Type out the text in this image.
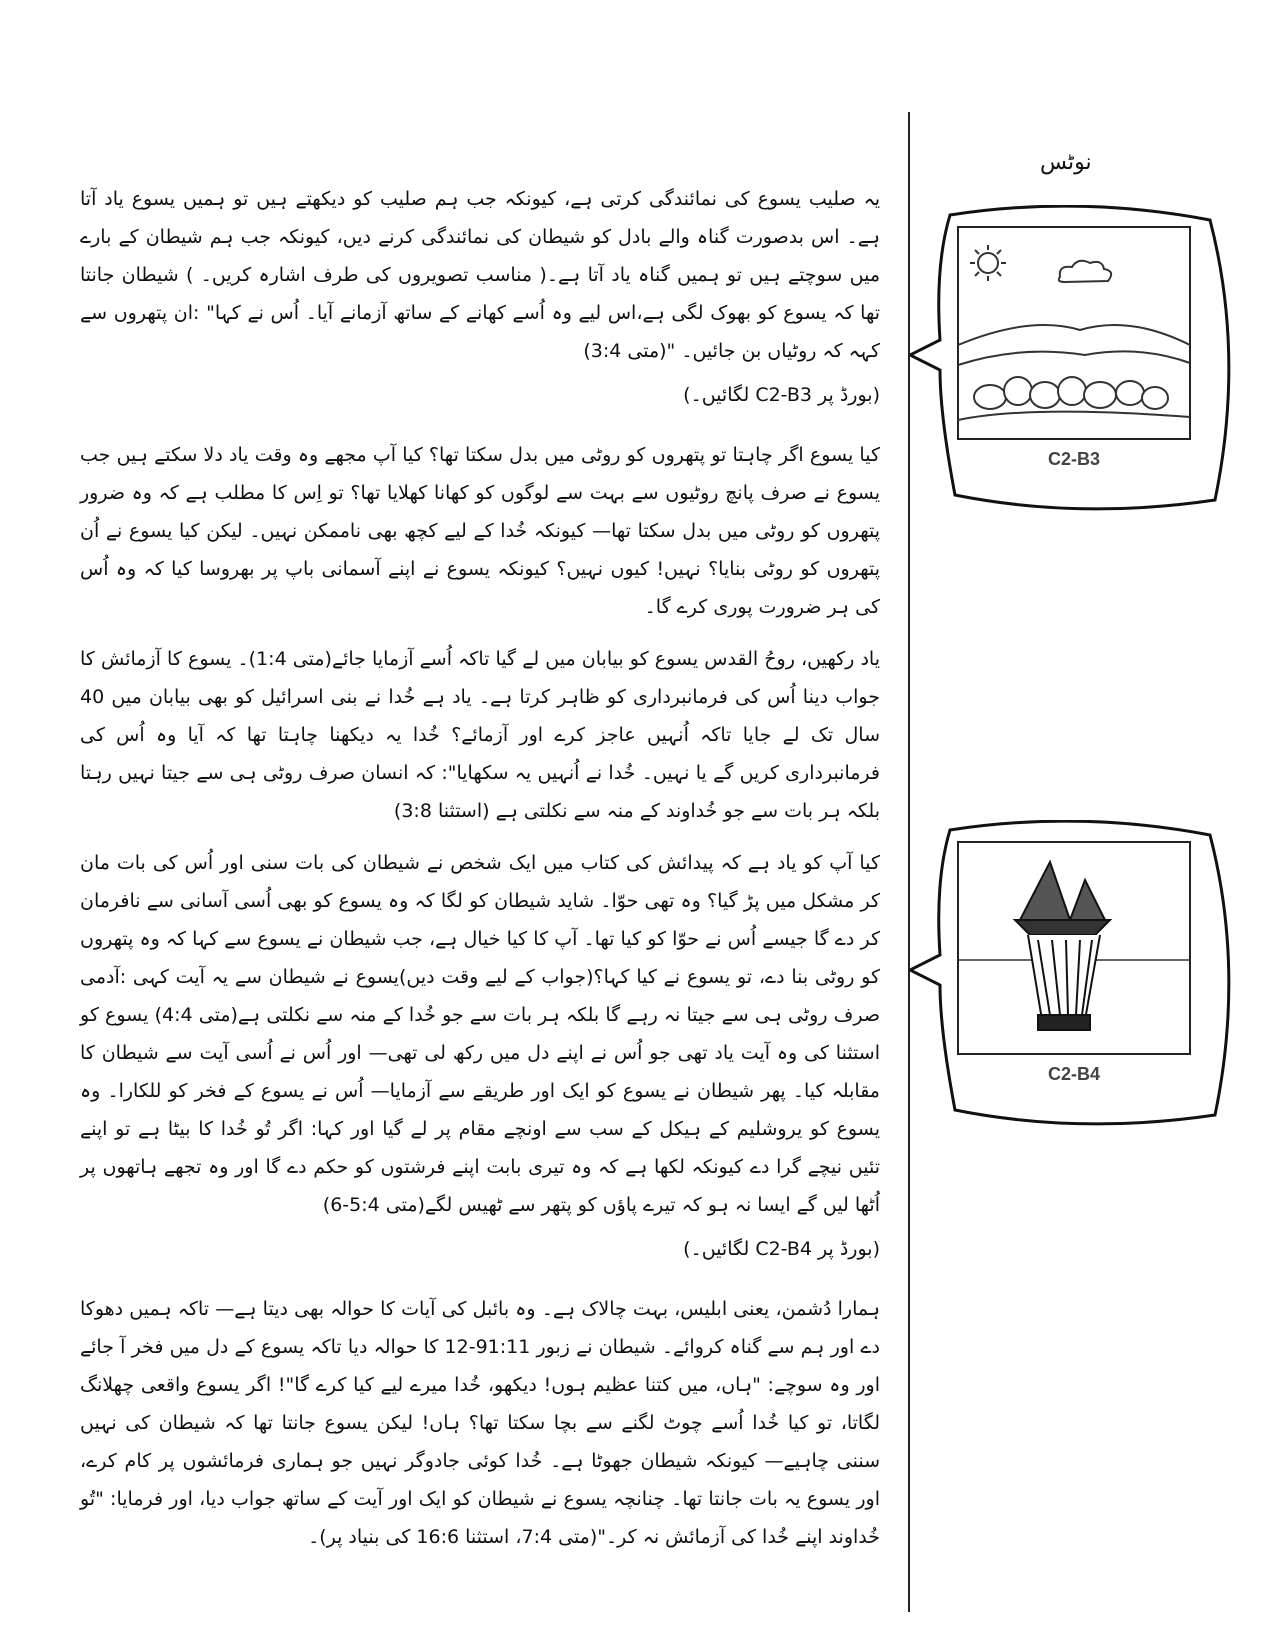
یہ صلیب یسوع کی نمائندگی کرتی ہے، کیونکہ جب ہم صلیب کو دیکھتے ہیں تو ہمیں یسوع یاد آتا ہے۔ اس بدصورت گناہ والے بادل کو شیطان کی نمائندگی کرنے دیں، کیونکہ جب ہم شیطان کے بارے میں سوچتے ہیں تو ہمیں گناہ یاد آتا ہے۔( مناسب تصویروں کی طرف اشارہ کریں۔ ) شیطان جانتا تھا کہ یسوع کو بھوک لگی ہے،اس لیے وہ اُسے کھانے کے ساتھ آزمانے آیا۔ اُس نے کہا" :ان پتھروں سے کہہ کہ روٹیاں بن جائیں۔ "(متی 3:4)

(بورڈ پر C2-B3 لگائیں۔)

کیا یسوع اگر چاہتا تو پتھروں کو روٹی میں بدل سکتا تھا؟ کیا آپ مجھے وہ وقت یاد دلا سکتے ہیں جب یسوع نے صرف پانچ روٹیوں سے بہت سے لوگوں کو کھانا کھلایا تھا؟ تو اِس کا مطلب ہے کہ وہ ضرور پتھروں کو روٹی میں بدل سکتا تھا— کیونکہ خُدا کے لیے کچھ بھی ناممکن نہیں۔ لیکن کیا یسوع نے اُن پتھروں کو روٹی بنایا؟ نہیں! کیوں نہیں؟ کیونکہ یسوع نے اپنے آسمانی باپ پر بھروسا کیا کہ وہ اُس کی ہر ضرورت پوری کرے گا۔

یاد رکھیں، روحُ القدس یسوع کو بیابان میں لے گیا تاکہ اُسے آزمایا جائے(متی 1:4)۔ یسوع کا آزمائش کا جواب دینا اُس کی فرمانبرداری کو ظاہر کرتا ہے۔ یاد ہے خُدا نے بنی اسرائیل کو بھی بیابان میں 40 سال تک لے جایا تاکہ اُنہیں عاجز کرے اور آزمائے؟ خُدا یہ دیکھنا چاہتا تھا کہ آیا وہ اُس کی فرمانبرداری کریں گے یا نہیں۔ خُدا نے اُنہیں یہ سکھایا": کہ انسان صرف روٹی ہی سے جیتا نہیں رہتا بلکہ ہر بات سے جو خُداوند کے منہ سے نکلتی ہے (استثنا 3:8)

کیا آپ کو یاد ہے کہ پیدائش کی کتاب میں ایک شخص نے شیطان کی بات سنی اور اُس کی بات مان کر مشکل میں پڑ گیا؟ وہ تھی حوّا۔ شاید شیطان کو لگا کہ وہ یسوع کو بھی اُسی آسانی سے نافرمان کر دے گا جیسے اُس نے حوّا کو کیا تھا۔ آپ کا کیا خیال ہے، جب شیطان نے یسوع سے کہا کہ وہ پتھروں کو روٹی بنا دے، تو یسوع نے کیا کہا؟(جواب کے لیے وقت دیں)یسوع نے شیطان سے یہ آیت کہی :آدمی صرف روٹی ہی سے جیتا نہ رہے گا بلکہ ہر بات سے جو خُدا کے منہ سے نکلتی ہے(متی 4:4) یسوع کو استثنا کی وہ آیت یاد تھی جو اُس نے اپنے دل میں رکھ لی تھی— اور اُس نے اُسی آیت سے شیطان کا مقابلہ کیا۔ پھر شیطان نے یسوع کو ایک اور طریقے سے آزمایا— اُس نے یسوع کے فخر کو للکارا۔ وہ یسوع کو یروشلیم کے ہیکل کے سب سے اونچے مقام پر لے گیا اور کہا: اگر تُو خُدا کا بیٹا ہے تو اپنے تئیں نیچے گرا دے کیونکہ لکھا ہے کہ وہ تیری بابت اپنے فرشتوں کو حکم دے گا اور وہ تجھے ہاتھوں پر اُٹھا لیں گے ایسا نہ ہو کہ تیرے پاؤں کو پتھر سے ٹھیس لگے(متی 5:4-6)

(بورڈ پر C2-B4 لگائیں۔)

ہمارا دُشمن، یعنی ابلیس، بہت چالاک ہے۔ وہ بائبل کی آیات کا حوالہ بھی دیتا ہے— تاکہ ہمیں دھوکا دے اور ہم سے گناہ کروائے۔ شیطان نے زبور 91:11-12 کا حوالہ دیا تاکہ یسوع کے دل میں فخر آ جائے اور وہ سوچے: "ہاں، میں کتنا عظیم ہوں! دیکھو، خُدا میرے لیے کیا کرے گا"! اگر یسوع واقعی چھلانگ لگاتا، تو کیا خُدا اُسے چوٹ لگنے سے بچا سکتا تھا؟ ہاں! لیکن یسوع جانتا تھا کہ شیطان کی نہیں سننی چاہیے— کیونکہ شیطان جھوٹا ہے۔ خُدا کوئی جادوگر نہیں جو ہماری فرمائشوں پر کام کرے، اور یسوع یہ بات جانتا تھا۔ چنانچہ یسوع نے شیطان کو ایک اور آیت کے ساتھ جواب دیا، اور فرمایا: "تُو خُداوند اپنے خُدا کی آزمائش نہ کر۔"(متی 7:4، استثنا 16:6 کی بنیاد پر)۔

نوٹس
C2-B3
C2-B4
